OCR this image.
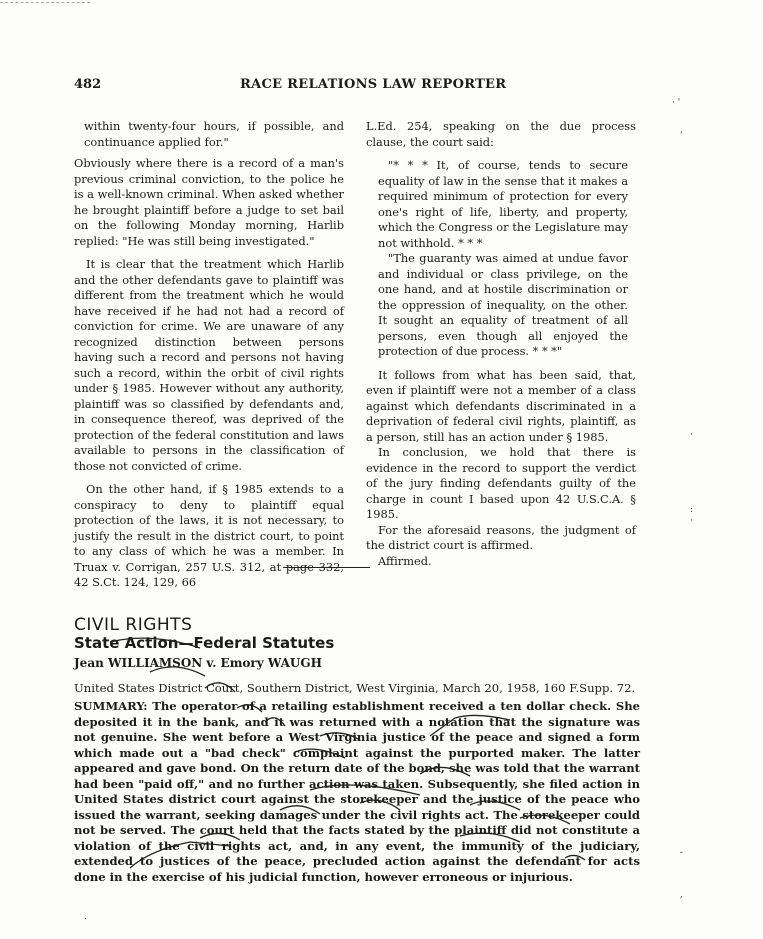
482	RACE RELATIONS LAW REPORTER

within twenty-four hours, if possible, and continuance applied for."

Obviously where there is a record of a man's previous criminal conviction, to the police he is a well-known criminal. When asked whether he brought plaintiff before a judge to set bail on the following Monday morning, Harlib replied: "He was still being investigated."

It is clear that the treatment which Harlib and the other defendants gave to plaintiff was different from the treatment which he would have received if he had not had a record of conviction for crime. We are unaware of any recognized distinction between persons having such a record and persons not having such a record, within the orbit of civil rights under § 1985. However without any authority, plaintiff was so classified by defendants and, in consequence thereof, was deprived of the protection of the federal constitution and laws available to persons in the classification of those not convicted of crime.

On the other hand, if § 1985 extends to a conspiracy to deny to plaintiff equal protection of the laws, it is not necessary, to justify the result in the district court, to point to any class of which he was a member. In Truax v. Corrigan, 257 U.S. 312, at page 332, 42 S.Ct. 124, 129, 66

L.Ed. 254, speaking on the due process clause, the court said:

"* * * It, of course, tends to secure equality of law in the sense that it makes a required minimum of protection for every one's right of life, liberty, and property, which the Congress or the Legislature may not withhold. * * *

"The guaranty was aimed at undue favor and individual or class privilege, on the one hand, and at hostile discrimination or the oppression of inequality, on the other. It sought an equality of treatment of all persons, even though all enjoyed the protection of due process. * * *"

It follows from what has been said, that, even if plaintiff were not a member of a class against which defendants discriminated in a deprivation of federal civil rights, plaintiff, as a person, still has an action under § 1985.

In conclusion, we hold that there is evidence in the record to support the verdict of the jury finding defendants guilty of the charge in count I based upon 42 U.S.C.A. § 1985.

For the aforesaid reasons, the judgment of the district court is affirmed.

Affirmed.

CIVIL RIGHTS
State Action—Federal Statutes
Jean WILLIAMSON v. Emory WAUGH
United States District Court, Southern District, West Virginia, March 20, 1958, 160 F.Supp. 72.

SUMMARY: The operator of a retailing establishment received a ten dollar check. She deposited it in the bank, and it was returned with a notation that the signature was not genuine. She went before a West Virginia justice of the peace and signed a form which made out a "bad check" complaint against the purported maker. The latter appeared and gave bond. On the return date of the bond, she was told that the warrant had been "paid off," and no further action was taken. Subsequently, she filed action in United States district court against the storekeeper and the justice of the peace who issued the warrant, seeking damages under the civil rights act. The storekeeper could not be served. The court held that the facts stated by the plaintiff did not constitute a violation of the civil rights act, and, in any event, the immunity of the judiciary, extended to justices of the peace, precluded action against the defendant for acts done in the exercise of his judicial function, however erroneous or injurious.

· '
'
·
:
·
-
,
.
